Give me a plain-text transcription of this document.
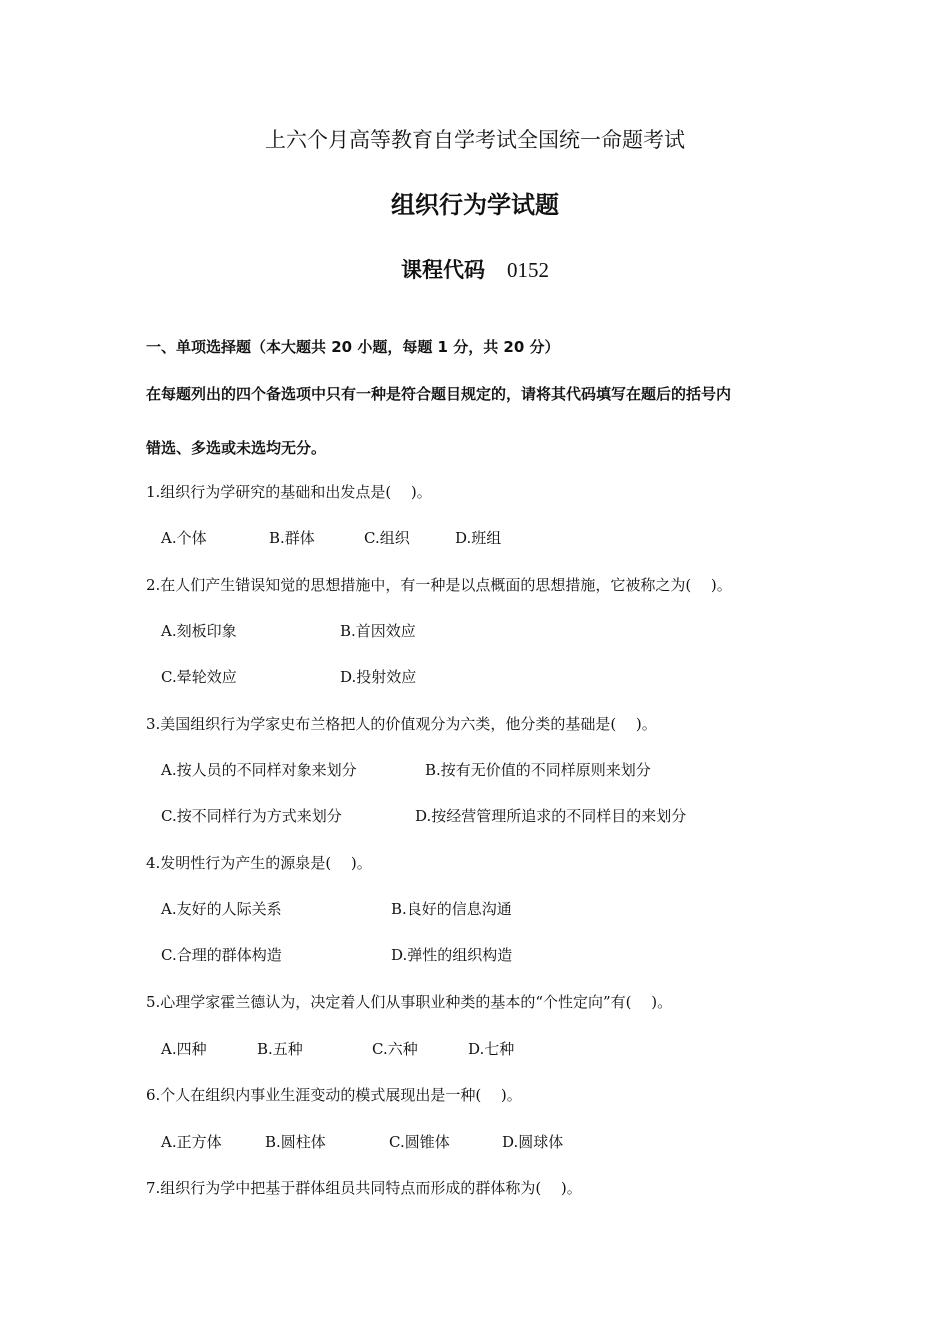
上六个月高等教育自学考试全国统一命题考试
组织行为学试题
课程代码 0152
一、单项选择题（本大题共 20 小题，每题 1 分，共 20 分）
在每题列出的四个备选项中只有一种是符合题目规定的，请将其代码填写在题后的括号内
错选、多选或未选均无分。
1.组织行为学研究的基础和出发点是(　 )。
A.个体	B.群体	C.组织	D.班组
2.在人们产生错误知觉的思想措施中，有一种是以点概面的思想措施，它被称之为(　 )。
A.刻板印象	B.首因效应
C.晕轮效应	D.投射效应
3.美国组织行为学家史布兰格把人的价值观分为六类，他分类的基础是(　 )。
A.按人员的不同样对象来划分	B.按有无价值的不同样原则来划分
C.按不同样行为方式来划分	D.按经营管理所追求的不同样目的来划分
4.发明性行为产生的源泉是(　 )。
A.友好的人际关系	B.良好的信息沟通
C.合理的群体构造	D.弹性的组织构造
5.心理学家霍兰德认为，决定着人们从事职业种类的基本的“个性定向”有(　 )。
A.四种	B.五种	C.六种	D.七种
6.个人在组织内事业生涯变动的模式展现出是一种(　 )。
A.正方体	B.圆柱体	C.圆锥体	D.圆球体
7.组织行为学中把基于群体组员共同特点而形成的群体称为(　 )。
